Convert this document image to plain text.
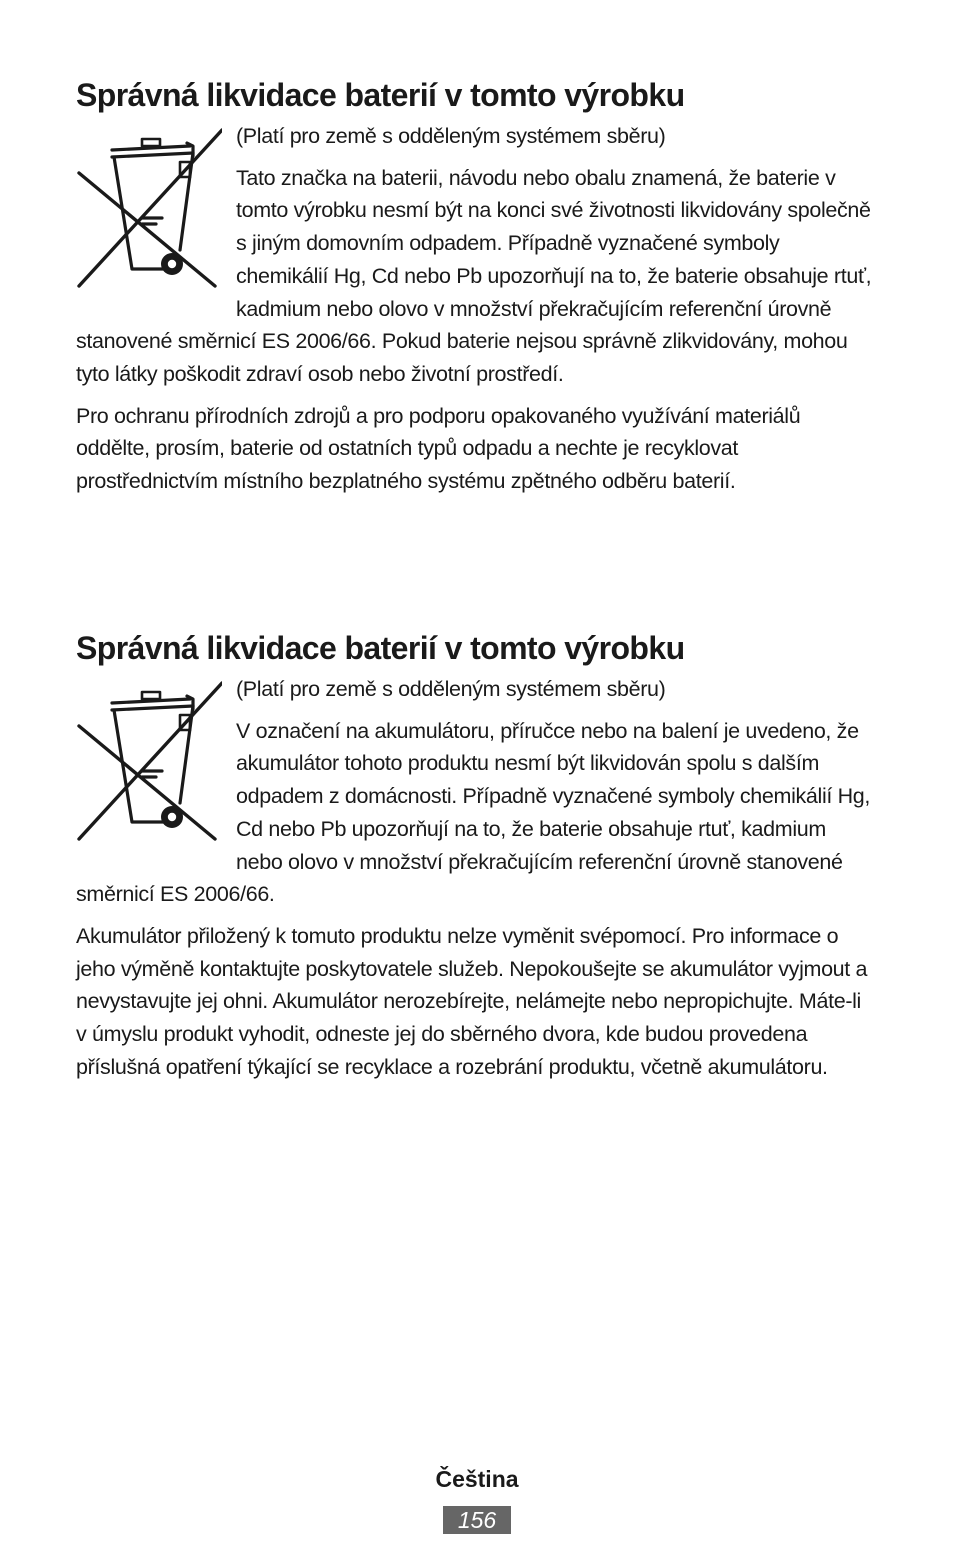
Správná likvidace baterií v tomto výrobku

(Platí pro země s odděleným systémem sběru)

Tato značka na baterii, návodu nebo obalu znamená, že baterie v tomto výrobku nesmí být na konci své životnosti likvidovány společně s jiným domovním odpadem. Případně vyznačené symboly chemikálií Hg, Cd nebo Pb upozorňují na to, že baterie obsahuje rtuť, kadmium nebo olovo v množství překračujícím referenční úrovně stanovené směrnicí ES 2006/66. Pokud baterie nejsou správně zlikvidovány, mohou tyto látky poškodit zdraví osob nebo životní prostředí.

Pro ochranu přírodních zdrojů a pro podporu opakovaného využívání materiálů oddělte, prosím, baterie od ostatních typů odpadu a nechte je recyklovat prostřednictvím místního bezplatného systému zpětného odběru baterií.

Správná likvidace baterií v tomto výrobku

(Platí pro země s odděleným systémem sběru)

V označení na akumulátoru, příručce nebo na balení je uvedeno, že akumulátor tohoto produktu nesmí být likvidován spolu s dalším odpadem z domácnosti. Případně vyznačené symboly chemikálií Hg, Cd nebo Pb upozorňují na to, že baterie obsahuje rtuť, kadmium nebo olovo v množství překračujícím referenční úrovně stanovené směrnicí ES 2006/66.

Akumulátor přiložený k tomuto produktu nelze vyměnit svépomocí. Pro informace o jeho výměně kontaktujte poskytovatele služeb. Nepokoušejte se akumulátor vyjmout a nevystavujte jej ohni. Akumulátor nerozebírejte, nelámejte nebo nepropichujte. Máte-li v úmyslu produkt vyhodit, odneste jej do sběrného dvora, kde budou provedena příslušná opatření týkající se recyklace a rozebrání produktu, včetně akumulátoru.

Čeština
156
